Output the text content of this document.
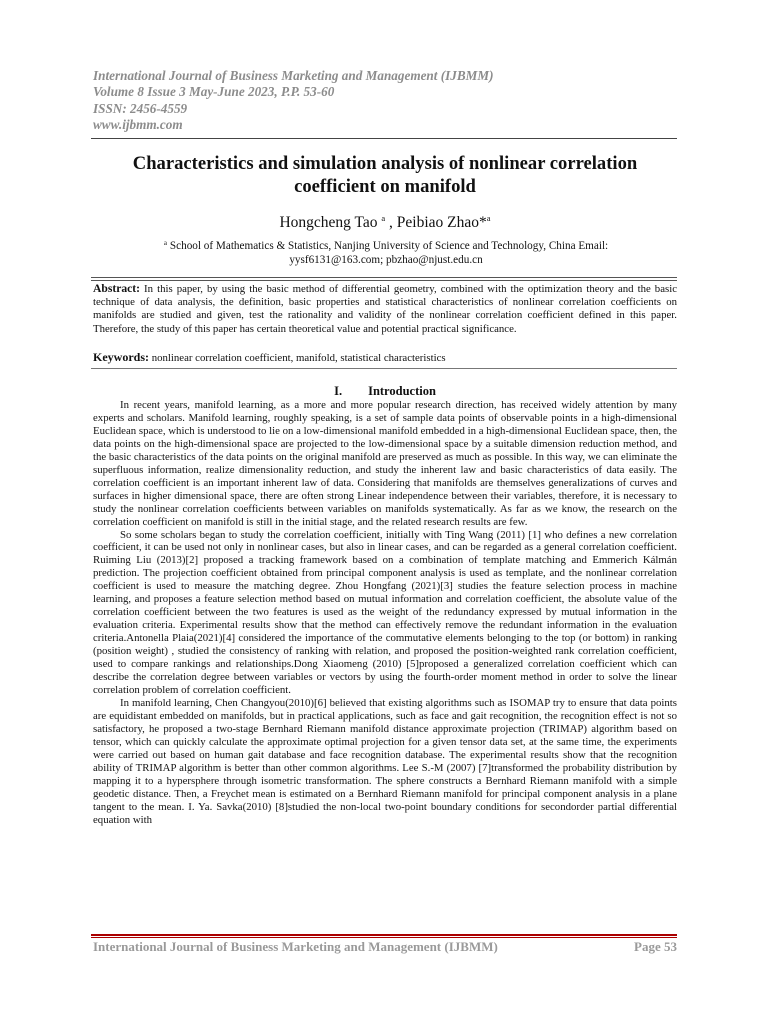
International Journal of Business Marketing and Management (IJBMM)
Volume 8 Issue 3 May-June 2023, P.P. 53-60
ISSN: 2456-4559
www.ijbmm.com
Characteristics and simulation analysis of nonlinear correlation coefficient on manifold
Hongcheng Tao $^a$ , Peibiao Zhao*$^a$
$^a$ School of Mathematics & Statistics, Nanjing University of Science and Technology, China Email: yysf6131@163.com; pbzhao@njust.edu.cn
Abstract: In this paper, by using the basic method of differential geometry, combined with the optimization theory and the basic technique of data analysis, the definition, basic properties and statistical characteristics of nonlinear correlation coefficients on manifolds are studied and given, test the rationality and validity of the nonlinear correlation coefficient defined in this paper. Therefore, the study of this paper has certain theoretical value and potential practical significance.
Keywords: nonlinear correlation coefficient, manifold, statistical characteristics
I. Introduction

In recent years, manifold learning, as a more and more popular research direction, has received widely attention by many experts and scholars. Manifold learning, roughly speaking, is a set of sample data points of observable points in a high-dimensional Euclidean space, which is understood to lie on a low-dimensional manifold embedded in a high-dimensional Euclidean space, then, the data points on the high-dimensional space are projected to the low-dimensional space by a suitable dimension reduction method, and the basic characteristics of the data points on the original manifold are preserved as much as possible. In this way, we can eliminate the superfluous information, realize dimensionality reduction, and study the inherent law and basic characteristics of data easily. The correlation coefficient is an important inherent law of data. Considering that manifolds are themselves generalizations of curves and surfaces in higher dimensional space, there are often strong Linear independence between their variables, therefore, it is necessary to study the nonlinear correlation coefficients between variables on manifolds systematically. As far as we know, the research on the correlation coefficient on manifold is still in the initial stage, and the related research results are few.

So some scholars began to study the correlation coefficient, initially with Ting Wang (2011) [1] who defines a new correlation coefficient, it can be used not only in nonlinear cases, but also in linear cases, and can be regarded as a general correlation coefficient. Ruiming Liu (2013)[2] proposed a tracking framework based on a combination of template matching and Emmerich Kálmán prediction. The projection coefficient obtained from principal component analysis is used as template, and the nonlinear correlation coefficient is used to measure the matching degree. Zhou Hongfang (2021)[3] studies the feature selection process in machine learning, and proposes a feature selection method based on mutual information and correlation coefficient, the absolute value of the correlation coefficient between the two features is used as the weight of the redundancy expressed by mutual information in the evaluation criteria. Experimental results show that the method can effectively remove the redundant information in the evaluation criteria.Antonella Plaia(2021)[4] considered the importance of the commutative elements belonging to the top (or bottom) in ranking (position weight) , studied the consistency of ranking with relation, and proposed the position-weighted rank correlation coefficient, used to compare rankings and relationships.Dong Xiaomeng (2010) [5]proposed a generalized correlation coefficient which can describe the correlation degree between variables or vectors by using the fourth-order moment method in order to solve the linear correlation problem of correlation coefficient.

In manifold learning, Chen Changyou(2010)[6] believed that existing algorithms such as ISOMAP try to ensure that data points are equidistant embedded on manifolds, but in practical applications, such as face and gait recognition, the recognition effect is not so satisfactory, he proposed a two-stage Bernhard Riemann manifold distance approximate projection (TRIMAP) algorithm based on tensor, which can quickly calculate the approximate optimal projection for a given tensor data set, at the same time, the experiments were carried out based on human gait database and face recognition database. The experimental results show that the recognition ability of TRIMAP algorithm is better than other common algorithms. Lee S.-M (2007) [7]transformed the probability distribution by mapping it to a hypersphere through isometric transformation. The sphere constructs a Bernhard Riemann manifold with a simple geodetic distance. Then, a Freychet mean is estimated on a Bernhard Riemann manifold for principal component analysis in a plane tangent to the mean. I. Ya. Savka(2010) [8]studied the non-local two-point boundary conditions for secondorder partial differential equation with

International Journal of Business Marketing and Management (IJBMM)	Page 53
